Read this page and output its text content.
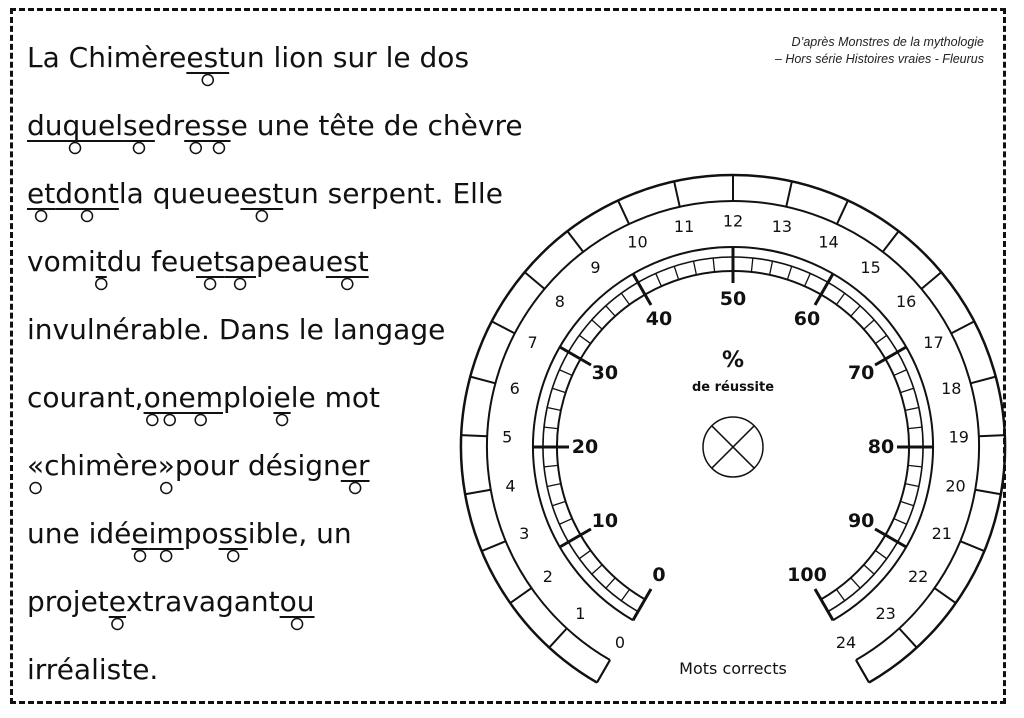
D’après Monstres de la mythologie
– Hors série Histoires vraies - Fleurus
La Chimère est un lion sur le dos
duquel se dr ess e une tête de chèvre
et dont la queue est un serpent. Elle
vomi t du feu et sa peau est
invulnérable. Dans le langage
courant, on em ploi e le mot
« chimère » pour désign er
une idé e im po ss ible, un
projet e xtravagant ou
irréaliste.
0
1
2
3
4
5
6
7
8
9
10
11 12 13
14
15
16
17
18
19
20
21
22
23
24
0
10
20
30
40
50
60
70
80
90
100
%
de réussite
Mots corrects
